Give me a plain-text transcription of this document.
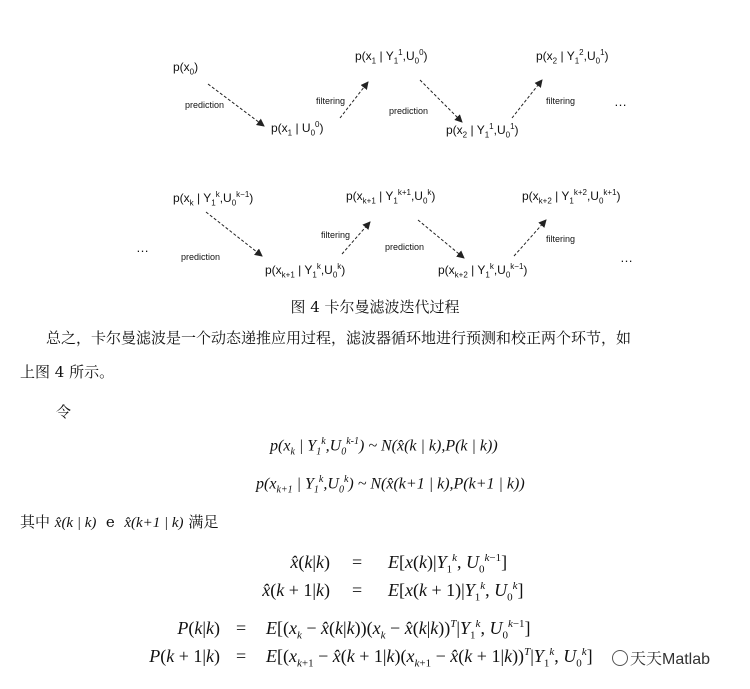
$p(x_0)$
$p(x_1$ | $U_0^0$)
$p(x_1$ | $Y_1^1,U_0^0$)
$p(x_2$ | $Y_1^1,U_0^1$)
$p(x_2$ | $Y_1^2,U_0^1$)
prediction	filtering
prediction
filtering	…
$p(x_k$ | $Y_1^k,U_0^{k-1}$)
$p(x_{k+1}$ | $Y_1^k,U_0^k$)
$p(x_{k+1}$ | $Y_1^{k+1},U_0^k$)
$p(x_{k+2}$ | $Y_1^k,U_0^{k-1}$)
$p(x_{k+2}$ | $Y_1^{k+2},U_0^{k+1}$)
…
prediction
filtering
prediction
filtering
…
图 4 卡尔曼滤波迭代过程
总之，卡尔曼滤波是一个动态递推应用过程，滤波器循环地进行预测和校正两个环节，如
上图 4 所示。
令
$p(x_k$ | $Y_1^k,U_0^{k-1}$) ~ N(x̂(k | k),P(k | k))
$p(x_{k+1}$ | $Y_1^k,U_0^k$) ~ N(x̂(k+1 | k),P(k+1 | k))
其中 x̂(k | k)  e  x̂(k+1 | k) 满足
x̂(k|k) = $E[x(k)|Y_1^k$, $U_0^{k-1}$]
x̂(k + $1|k) = E[x(k + 1)|Y_1^k$, $U_0^k$]
$P(k|k) = E[(x_k$ − $x̂(k|k))(x_k$ − $x̂(k|k))^T|Y_1^k$, $U_0^{k-1}$]
$P(k + 1|k) = E[(x_{k+1}$ − x̂(k + $1|k)(x_{k+1}$ − x̂(k + $1|k))^T|Y_1^k$, $U_0^k$]	天天Matlab
